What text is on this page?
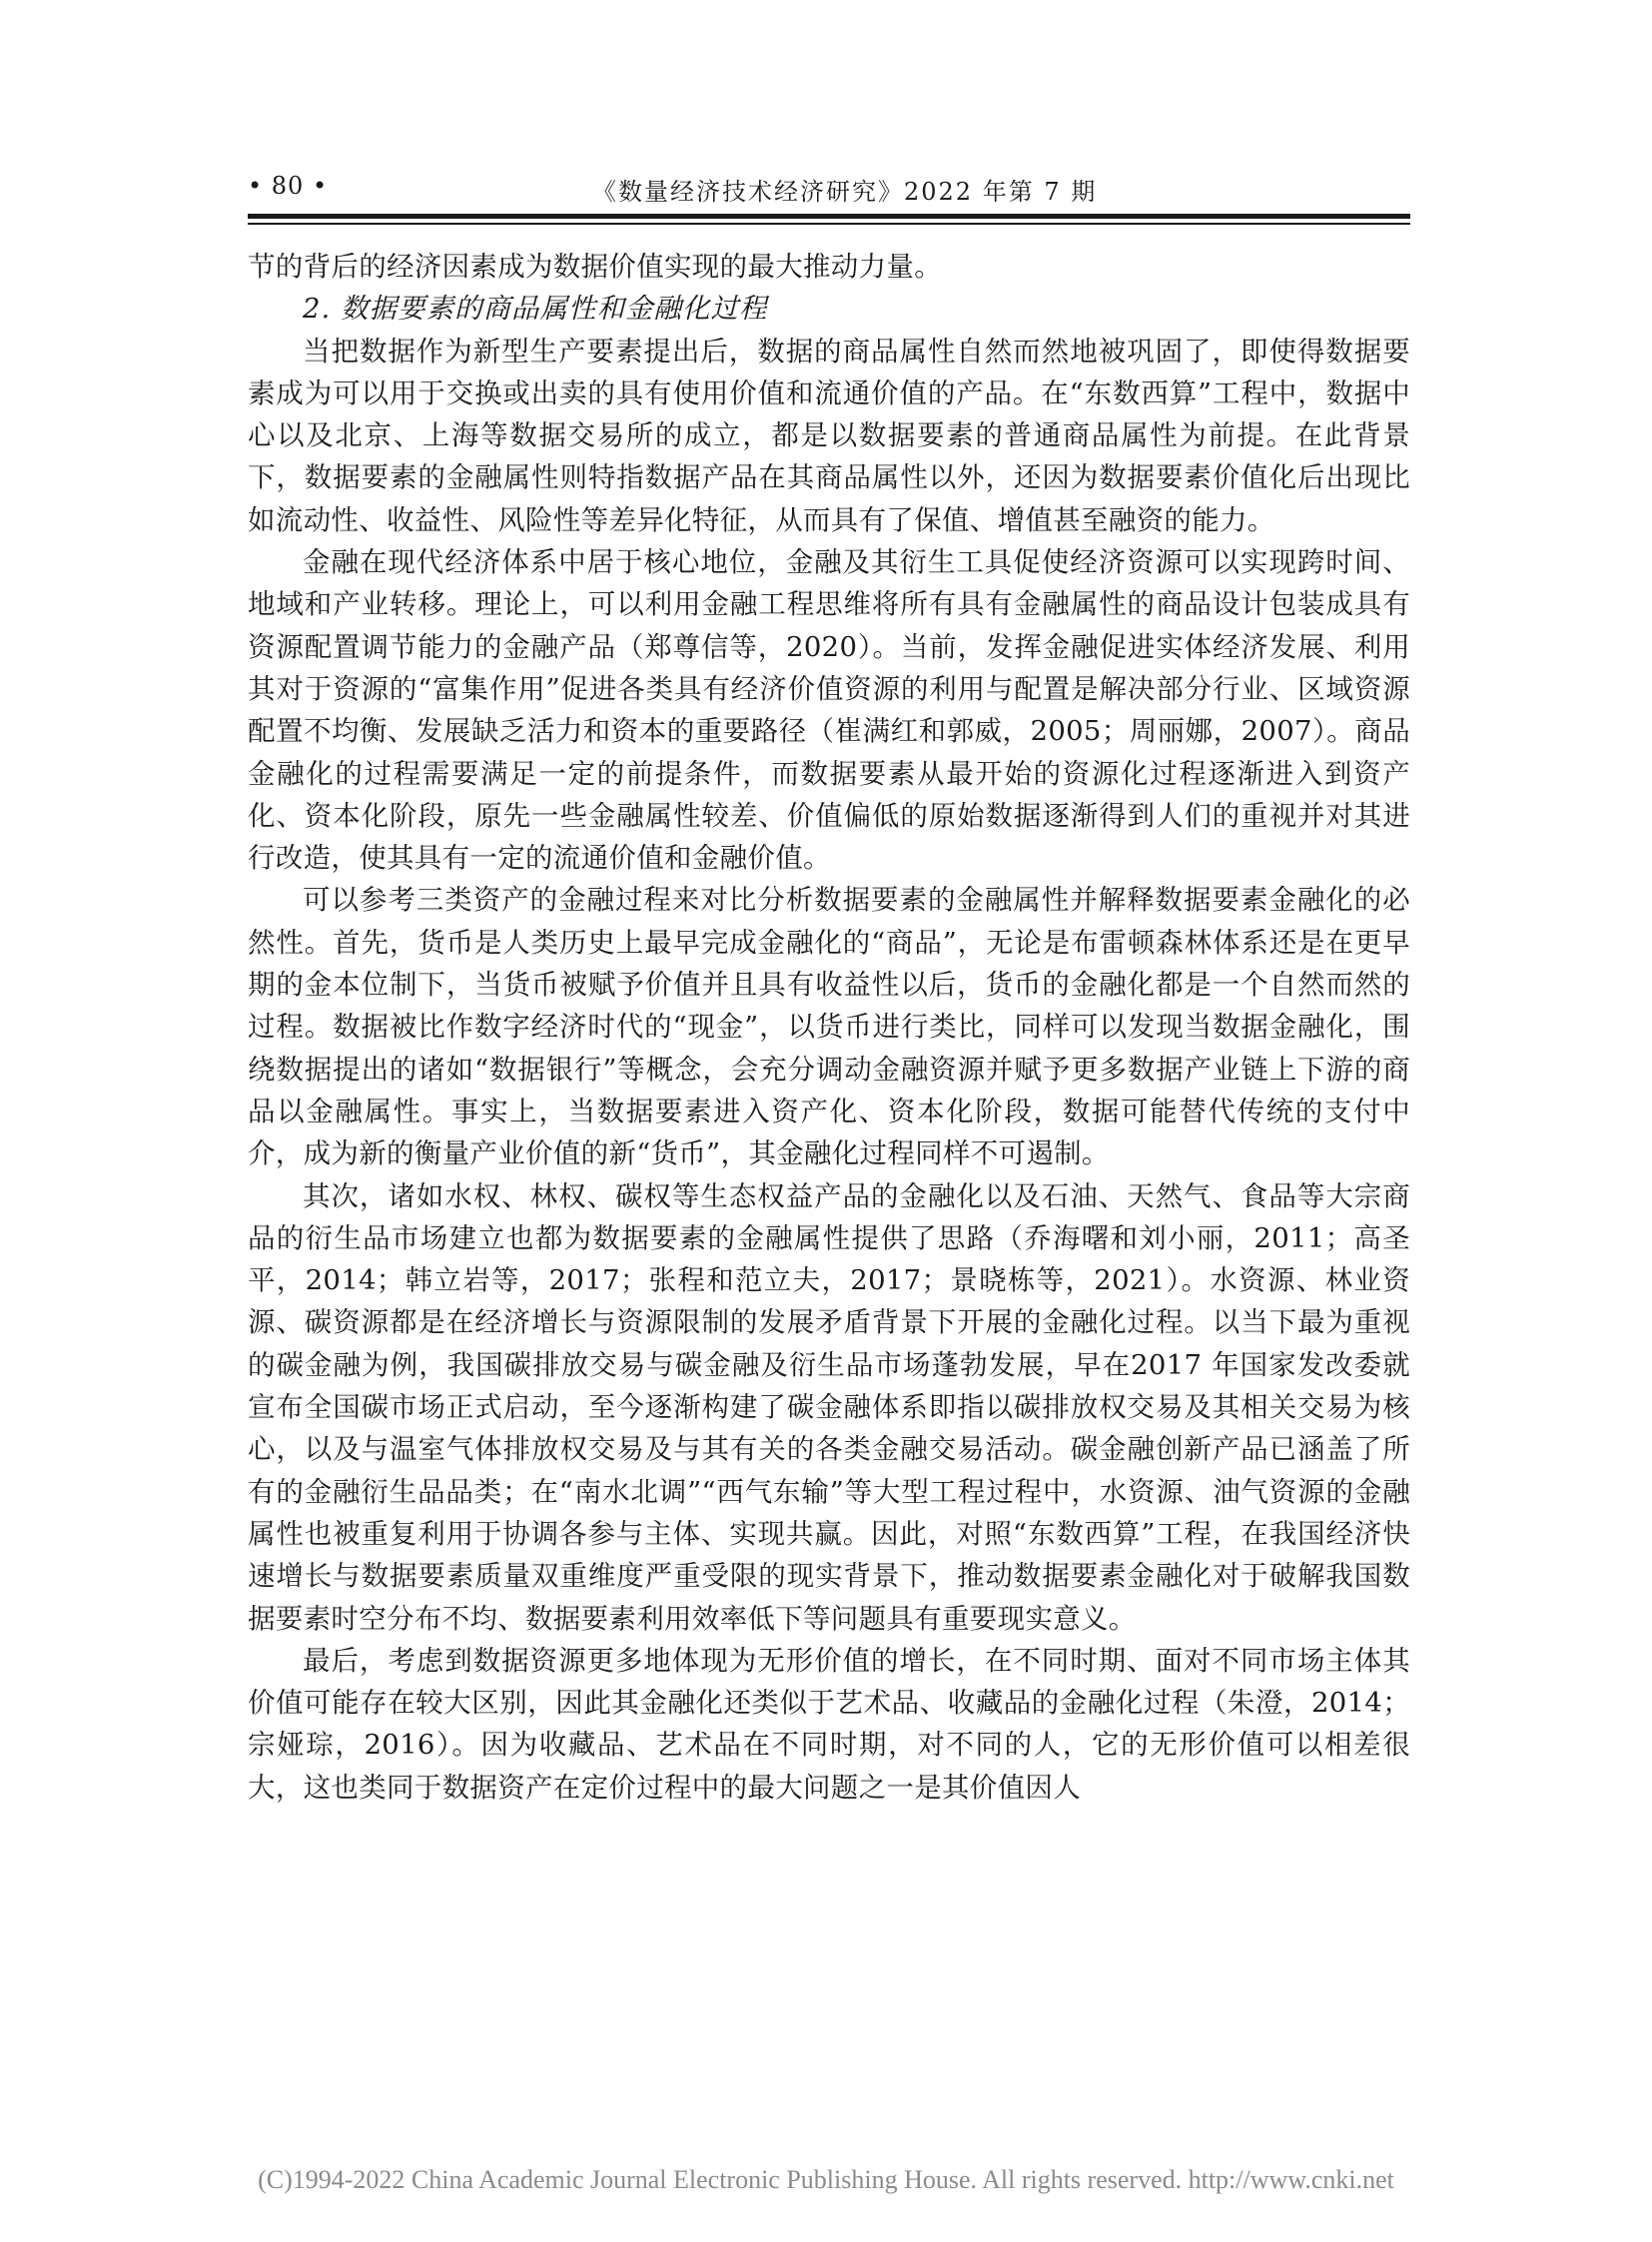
• 80 •	《数量经济技术经济研究》2022 年第 7 期

节的背后的经济因素成为数据价值实现的最大推动力量。

2. 数据要素的商品属性和金融化过程

当把数据作为新型生产要素提出后，数据的商品属性自然而然地被巩固了，即使得数据要素成为可以用于交换或出卖的具有使用价值和流通价值的产品。在“东数西算”工程中，数据中心以及北京、上海等数据交易所的成立，都是以数据要素的普通商品属性为前提。在此背景下，数据要素的金融属性则特指数据产品在其商品属性以外，还因为数据要素价值化后出现比如流动性、收益性、风险性等差异化特征，从而具有了保值、增值甚至融资的能力。

金融在现代经济体系中居于核心地位，金融及其衍生工具促使经济资源可以实现跨时间、地域和产业转移。理论上，可以利用金融工程思维将所有具有金融属性的商品设计包装成具有资源配置调节能力的金融产品（郑尊信等，2020）。当前，发挥金融促进实体经济发展、利用其对于资源的“富集作用”促进各类具有经济价值资源的利用与配置是解决部分行业、区域资源配置不均衡、发展缺乏活力和资本的重要路径（崔满红和郭威，2005；周丽娜，2007）。商品金融化的过程需要满足一定的前提条件，而数据要素从最开始的资源化过程逐渐进入到资产化、资本化阶段，原先一些金融属性较差、价值偏低的原始数据逐渐得到人们的重视并对其进行改造，使其具有一定的流通价值和金融价值。

可以参考三类资产的金融过程来对比分析数据要素的金融属性并解释数据要素金融化的必然性。首先，货币是人类历史上最早完成金融化的“商品”，无论是布雷顿森林体系还是在更早期的金本位制下，当货币被赋予价值并且具有收益性以后，货币的金融化都是一个自然而然的过程。数据被比作数字经济时代的“现金”，以货币进行类比，同样可以发现当数据金融化，围绕数据提出的诸如“数据银行”等概念，会充分调动金融资源并赋予更多数据产业链上下游的商品以金融属性。事实上，当数据要素进入资产化、资本化阶段，数据可能替代传统的支付中介，成为新的衡量产业价值的新“货币”，其金融化过程同样不可遏制。

其次，诸如水权、林权、碳权等生态权益产品的金融化以及石油、天然气、食品等大宗商品的衍生品市场建立也都为数据要素的金融属性提供了思路（乔海曙和刘小丽，2011；高圣平，2014；韩立岩等，2017；张程和范立夫，2017；景晓栋等，2021）。水资源、林业资源、碳资源都是在经济增长与资源限制的发展矛盾背景下开展的金融化过程。以当下最为重视的碳金融为例，我国碳排放交易与碳金融及衍生品市场蓬勃发展，早在2017 年国家发改委就宣布全国碳市场正式启动，至今逐渐构建了碳金融体系即指以碳排放权交易及其相关交易为核心，以及与温室气体排放权交易及与其有关的各类金融交易活动。碳金融创新产品已涵盖了所有的金融衍生品品类；在“南水北调”“西气东输”等大型工程过程中，水资源、油气资源的金融属性也被重复利用于协调各参与主体、实现共赢。因此，对照“东数西算”工程，在我国经济快速增长与数据要素质量双重维度严重受限的现实背景下，推动数据要素金融化对于破解我国数据要素时空分布不均、数据要素利用效率低下等问题具有重要现实意义。

最后，考虑到数据资源更多地体现为无形价值的增长，在不同时期、面对不同市场主体其价值可能存在较大区别，因此其金融化还类似于艺术品、收藏品的金融化过程（朱澄，2014；宗娅琮，2016）。因为收藏品、艺术品在不同时期，对不同的人，它的无形价值可以相差很大，这也类同于数据资产在定价过程中的最大问题之一是其价值因人

(C)1994-2022 China Academic Journal Electronic Publishing House. All rights reserved. http://www.cnki.net
